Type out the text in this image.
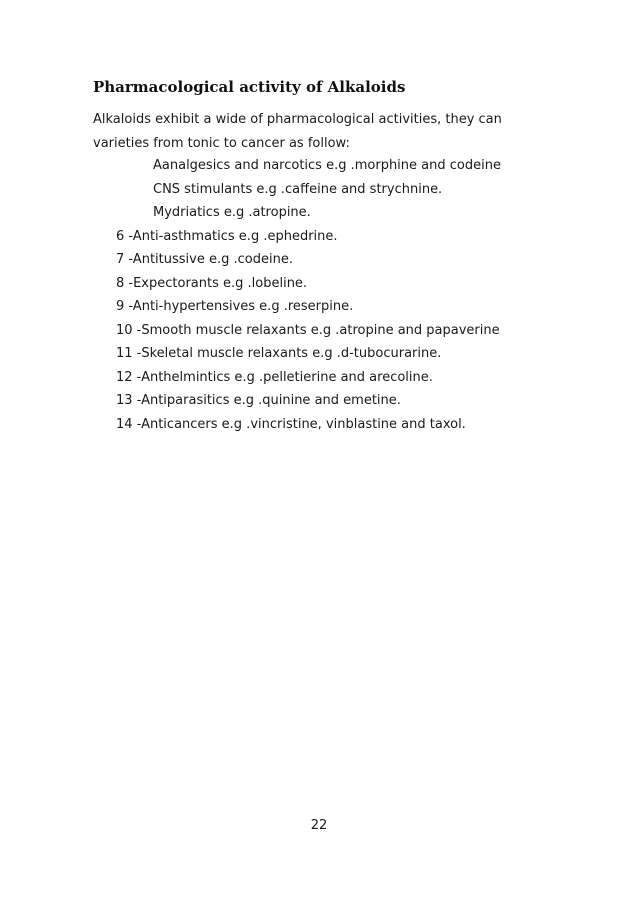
Pharmacological activity of Alkaloids
Alkaloids exhibit a wide of pharmacological activities, they can
varieties from tonic to cancer as follow:
Aanalgesics and narcotics e.g .morphine and codeine
CNS stimulants e.g .caffeine and strychnine.
Mydriatics e.g .atropine.
6 -Anti-asthmatics e.g .ephedrine.
7 -Antitussive e.g .codeine.
8 -Expectorants e.g .lobeline.
9 -Anti-hypertensives e.g .reserpine.
10 -Smooth muscle relaxants e.g .atropine and papaverine
11 -Skeletal muscle relaxants e.g .d-tubocurarine.
12 -Anthelmintics e.g .pelletierine and arecoline.
13 -Antiparasitics e.g .quinine and emetine.
14 -Anticancers e.g .vincristine, vinblastine and taxol.
22
